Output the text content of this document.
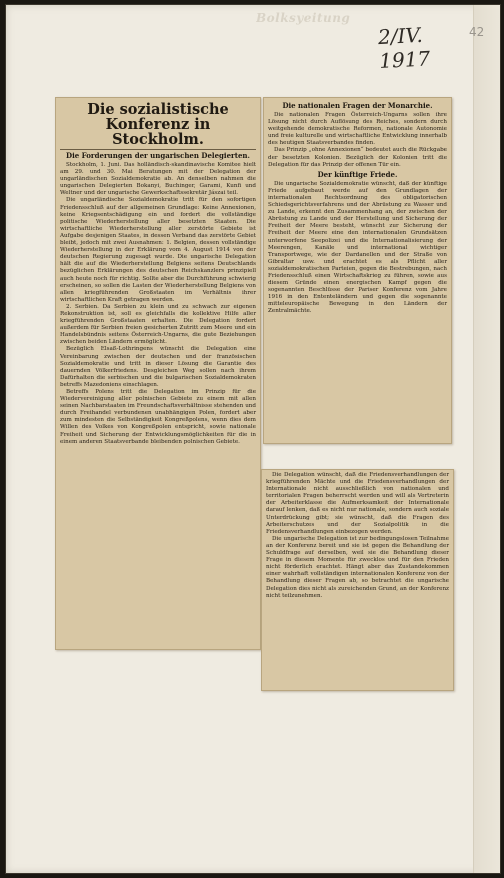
Bolksyeitung
2/IV. 1917
42
Die sozialistische Konferenz in Stockholm.
Die Forderungen der ungarischen Delegierten.

Stockholm, 1. Juni. Das holländisch-skandinavische Komitee hielt am 29. und 30. Mai Beratungen mit der Delegation der ungarländischen Sozialdemokratie ab. An denselben nahmen die ungarischen Delegierten Bokanyi, Buchinger, Garami, Kunfi und Weltner und der ungarische Gewerkschaftssekretär Jászai teil.

Die ungarländische Sozialdemokratie tritt für den sofortigen Friedensschluß auf der allgemeinen Grundlage: Keine Annexionen, keine Kriegsentschädigung ein und fordert die vollständige politische Wiederherstellung aller besetzten Staaten. Die wirtschaftliche Wiederherstellung aller zerstörte Gebiete ist Aufgabe desjenigen Staates, in dessen Verband das zerstörte Gebiet bleibt, jedoch mit zwei Ausnahmen: 1. Belgien, dessen vollständige Wiederherstellung in der Erklärung vom 4. August 1914 von der deutschen Regierung zugesagt wurde. Die ungarische Delegation hält die auf die Wiederherstellung Belgiens seitens Deutschlands bezüglichen Erklärungen des deutschen Reichskanzlers prinzipiell auch heute noch für richtig. Sollte aber die Durchführung schwierig erscheinen, so sollen die Lasten der Wiederherstellung Belgiens von allen kriegführenden Großstaaten im Verhältnis ihrer wirtschaftlichen Kraft getragen werden.

2. Serbien. Da Serbien zu klein und zu schwach zur eigenen Rekonstruktion ist, soll es gleichfalls die kollektive Hilfe aller kriegführenden Großstaaten erhalten. Die Delegation fordert außerdem für Serbien freien gesicherten Zutritt zum Meere und ein Handelsbündnis seitens Österreich-Ungarns, die gute Beziehungen zwischen beiden Ländern ermöglicht.

Bezüglich Elsaß-Lothringens wünscht die Delegation eine Vereinbarung zwischen der deutschen und der französischen Sozialdemokratie und tritt in dieser Lösung die Garantie des dauernden Völkerfriedens. Desgleichen Weg sollen nach ihrem Dafürhalten die serbischen und die bulgarischen Sozialdemokraten betreffs Mazedoniens einschlagen.

Betreffs Polens tritt die Delegation im Prinzip für die Wiedervereinigung aller polnischen Gebiete zu einem mit allen seinen Nachbarstaaten im Freundschaftsverhältnisse stehenden und durch Freihandel verbundenen unabhängigen Polen, fordert aber zum mindesten die Selbständigkeit Kongreßpolens, wenn dies dem Willen des Volkes von Kongreßpolen entspricht, sowie nationale Freiheit und Sicherung der Entwicklungsmöglichkeiten für die in einem anderen Staatsverbande bleibenden polnischen Gebiete.

Die nationalen Fragen der Monarchie.

Die nationalen Fragen Österreich-Ungarns sollen ihre Lösung nicht durch Auflösung des Reiches, sondern durch weitgehende demokratische Reformen, nationale Autonomie und freie kulturelle und wirtschaftliche Entwicklung innerhalb des heutigen Staatsverbandes finden.

Das Prinzip „ohne Annexionen“ bedeutet auch die Rückgabe der besetzten Kolonien. Bezüglich der Kolonien tritt die Delegation für das Prinzip der offenen Tür ein.

Der künftige Friede.

Die ungarische Sozialdemokratie wünscht, daß der künftige Friede aufgebaut werde auf den Grundlagen der internationalen Rechtsordnung des obligatorischen Schiedsgerichtsverfahrens und der Abrüstung zu Wasser und zu Lande, erkennt den Zusammenhang an, der zwischen der Abrüstung zu Lande und der Herstellung und Sicherung der Freiheit der Meere besteht, wünscht zur Sicherung der Freiheit der Meere eine den internationalen Grundsätzen unterworfene Seepolizei und die Internationalisierung der Meerengen, Kanäle und international wichtiger Transportwege, wie der Dardanellen und der Straße von Gibraltar usw. und erachtet es als Pflicht aller sozialdemokratischen Parteien, gegen die Bestrebungen, nach Friedensschluß einen Wirtschaftskrieg zu führen, sowie aus diesem Gründe einen energischen Kampf gegen die sogenannten Beschlüsse der Pariser Konferenz vom Jahre 1916 in den Ententeländern und gegen die sogenannte mitteleuropäische Bewegung in den Ländern der Zentralmächte.

Die Delegation wünscht, daß die Friedensverhandlungen der kriegführenden Mächte und die Friedensverhandlungen der Internationale nicht ausschließlich von nationalen und territorialen Fragen beherrscht werden und will als Vertreterin der Arbeiterklasse die Aufmerksamkeit der Internationale darauf lenken, daß es nicht nur nationale, sondern auch soziale Unterdrückung gibt; sie wünscht, daß die Fragen des Arbeiterschutzes und der Sozialpolitik in die Friedensverhandlungen einbezogen werden.

Die ungarische Delegation ist zur bedingungslosen Teilnahme an der Konferenz bereit und sie ist gegen die Behandlung der Schuldfrage auf derselben, weil sie die Behandlung dieser Frage in diesem Momente für zwecklos und für den Frieden nicht förderlich erachtet. Hängt aber das Zustandekommen einer wahrhaft vollständigen internationalen Konferenz von der Behandlung dieser Fragen ab, so betrachtet die ungarische Delegation dies nicht als zureichenden Grund, an der Konferenz nicht teilzunehmen.
